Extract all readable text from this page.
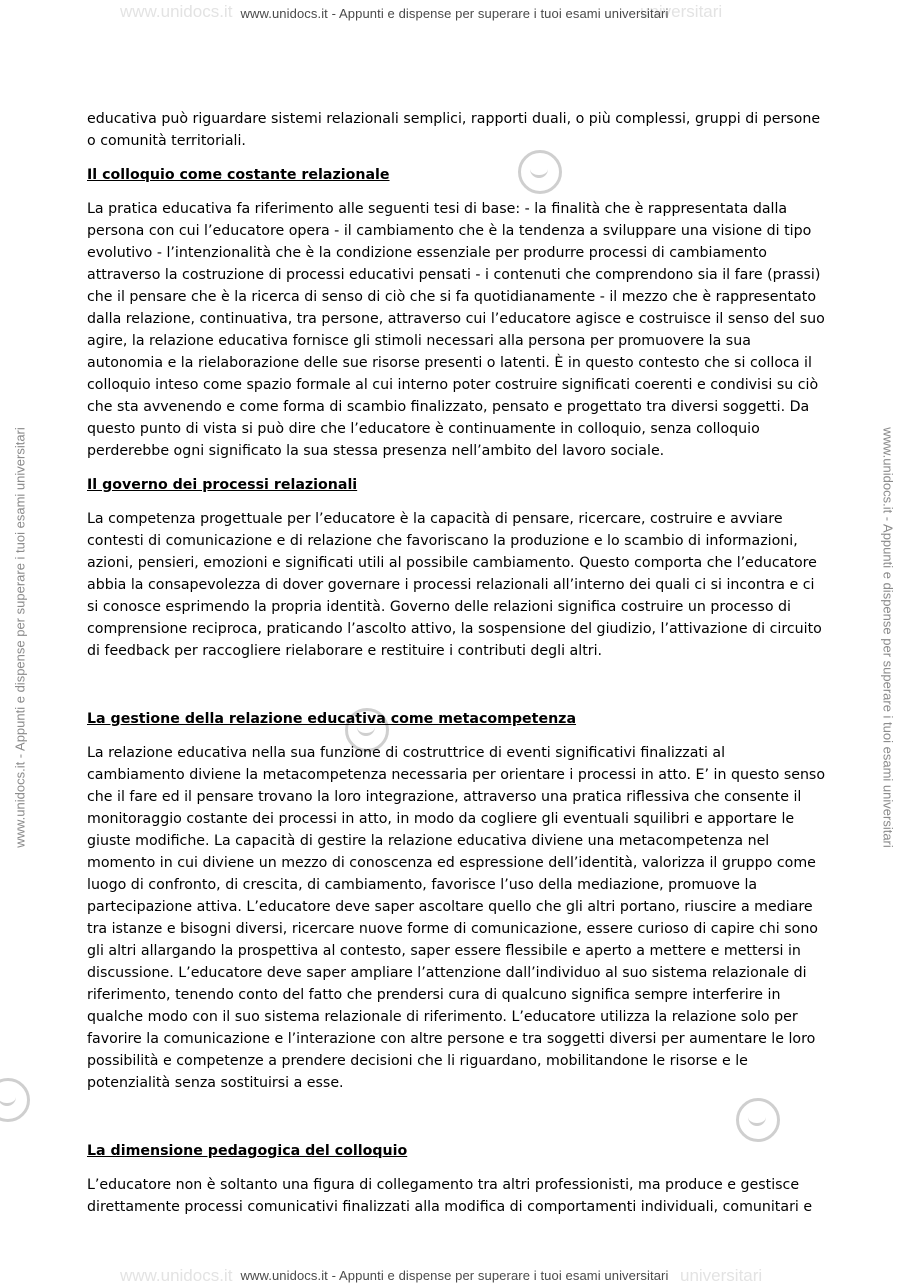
www.unidocs.it	universitari
www.unidocs.it	universitari
www.unidocs.it - Appunti e dispense per superare i tuoi esami universitari
www.unidocs.it - Appunti e dispense per superare i tuoi esami universitari
www.unidocs.it - Appunti e dispense per superare i tuoi esami universitari	www.unidocs.it - Appunti e dispense per superare i tuoi esami universitari

educativa può riguardare sistemi relazionali semplici, rapporti duali, o più complessi, gruppi di persone o comunità territoriali.

Il colloquio come costante relazionale

La pratica educativa fa riferimento alle seguenti tesi di base: - la finalità che è rappresentata dalla persona con cui l’educatore opera - il cambiamento che è la tendenza a sviluppare una visione di tipo evolutivo - l’intenzionalità che è la condizione essenziale per produrre processi di cambiamento attraverso la costruzione di processi educativi pensati - i contenuti che comprendono sia il fare (prassi) che il pensare che è la ricerca di senso di ciò che si fa quotidianamente - il mezzo che è rappresentato dalla relazione, continuativa, tra persone, attraverso cui l’educatore agisce e costruisce il senso del suo agire, la relazione educativa fornisce gli stimoli necessari alla persona per promuovere la sua autonomia e la rielaborazione delle sue risorse presenti o latenti. È in questo contesto che si colloca il colloquio inteso come spazio formale al cui interno poter costruire significati coerenti e condivisi su ciò che sta avvenendo e come forma di scambio finalizzato, pensato e progettato tra diversi soggetti. Da questo punto di vista si può dire che l’educatore è continuamente in colloquio, senza colloquio perderebbe ogni significato la sua stessa presenza nell’ambito del lavoro sociale.

Il governo dei processi relazionali

La competenza progettuale per l’educatore è la capacità di pensare, ricercare, costruire e avviare contesti di comunicazione e di relazione che favoriscano la produzione e lo scambio di informazioni, azioni, pensieri, emozioni e significati utili al possibile cambiamento. Questo comporta che l’educatore abbia la consapevolezza di dover governare i processi relazionali all’interno dei quali ci si incontra e ci si conosce esprimendo la propria identità. Governo delle relazioni significa costruire un processo di comprensione reciproca, praticando l’ascolto attivo, la sospensione del giudizio, l’attivazione di circuito di feedback per raccogliere rielaborare e restituire i contributi degli altri.

La gestione della relazione educativa come metacompetenza

La relazione educativa nella sua funzione di costruttrice di eventi significativi finalizzati al cambiamento diviene la metacompetenza necessaria per orientare i processi in atto. E’ in questo senso che il fare ed il pensare trovano la loro integrazione, attraverso una pratica riflessiva che consente il monitoraggio costante dei processi in atto, in modo da cogliere gli eventuali squilibri e apportare le giuste modifiche. La capacità di gestire la relazione educativa diviene una metacompetenza nel momento in cui diviene un mezzo di conoscenza ed espressione dell’identità, valorizza il gruppo come luogo di confronto, di crescita, di cambiamento, favorisce l’uso della mediazione, promuove la partecipazione attiva. L’educatore deve saper ascoltare quello che gli altri portano, riuscire a mediare tra istanze e bisogni diversi, ricercare nuove forme di comunicazione, essere curioso di capire chi sono gli altri allargando la prospettiva al contesto, saper essere flessibile e aperto a mettere e mettersi in discussione. L’educatore deve saper ampliare l’attenzione dall’individuo al suo sistema relazionale di riferimento, tenendo conto del fatto che prendersi cura di qualcuno significa sempre interferire in qualche modo con il suo sistema relazionale di riferimento. L’educatore utilizza la relazione solo per favorire la comunicazione e l’interazione con altre persone e tra soggetti diversi per aumentare le loro possibilità e competenze a prendere decisioni che li riguardano, mobilitandone le risorse e le potenzialità senza sostituirsi a esse.

La dimensione pedagogica del colloquio

L’educatore non è soltanto una figura di collegamento tra altri professionisti, ma produce e gestisce direttamente processi comunicativi finalizzati alla modifica di comportamenti individuali, comunitari e
